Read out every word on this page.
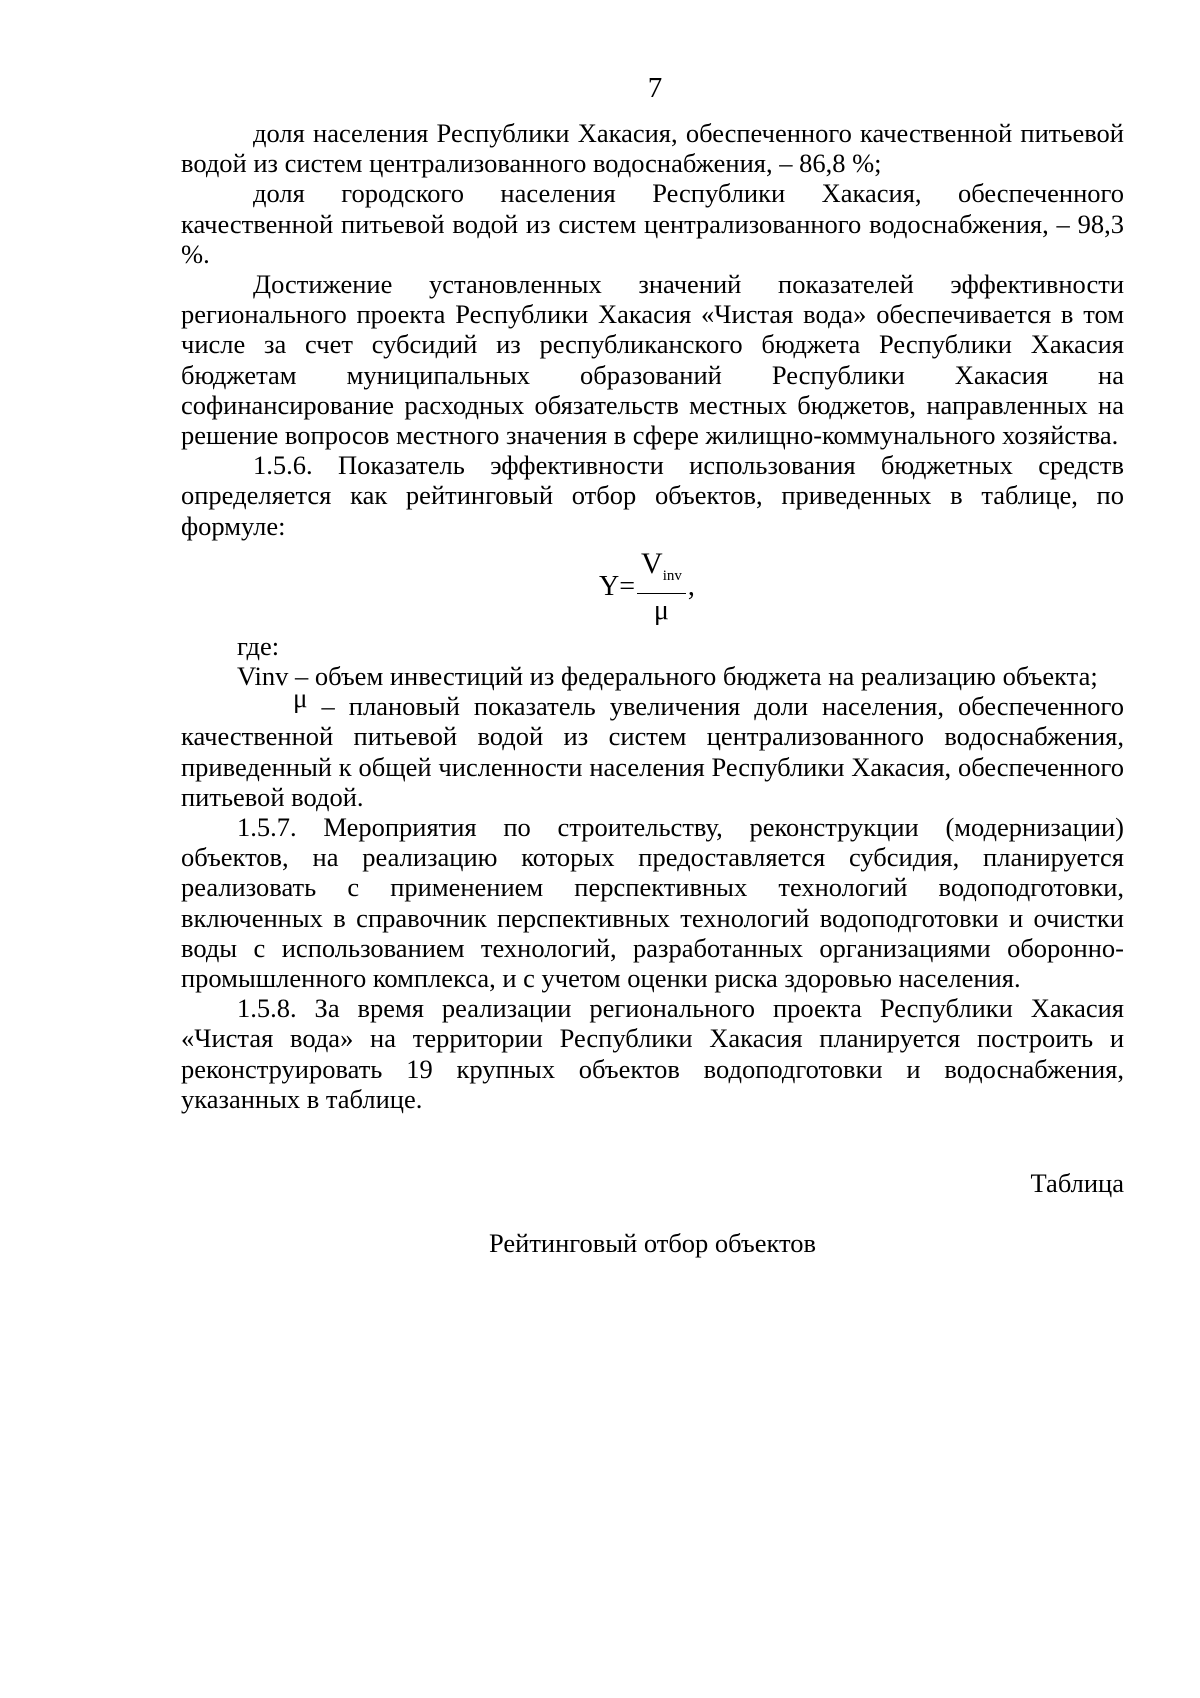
7

доля населения Республики Хакасия, обеспеченного качественной питьевой водой из систем централизованного водоснабжения, – 86,8 %;

доля городского населения Республики Хакасия, обеспеченного качественной питьевой водой из систем централизованного водоснабжения, – 98,3 %.

Достижение установленных значений показателей эффективности регионального проекта Республики Хакасия «Чистая вода» обеспечивается в том числе за счет субсидий из республиканского бюджета Республики Хакасия бюджетам муниципальных образований Республики Хакасия на софинансирование расходных обязательств местных бюджетов, направленных на решение вопросов местного значения в сфере жилищно-коммунального хозяйства.

1.5.6. Показатель эффективности использования бюджетных средств определяется как рейтинговый отбор объектов, приведенных в таблице, по формуле:

$Y= \frac{V_{inv}}{\mu}$ ,

где:

Vinv – объем инвестиций из федерального бюджета на реализацию объекта;

μ – плановый показатель увеличения доли населения, обеспеченного качественной питьевой водой из систем централизованного водоснабжения, приведенный к общей численности населения Республики Хакасия, обеспеченного питьевой водой.

1.5.7. Мероприятия по строительству, реконструкции (модернизации) объектов, на реализацию которых предоставляется субсидия, планируется реализовать с применением перспективных технологий водоподготовки, включенных в справочник перспективных технологий водоподготовки и очистки воды с использованием технологий, разработанных организациями оборонно-промышленного комплекса, и с учетом оценки риска здоровью населения.

1.5.8. За время реализации регионального проекта Республики Хакасия «Чистая вода» на территории Республики Хакасия планируется построить и реконструировать 19 крупных объектов водоподготовки и водоснабжения, указанных в таблице.

Таблица
Рейтинговый отбор объектов
